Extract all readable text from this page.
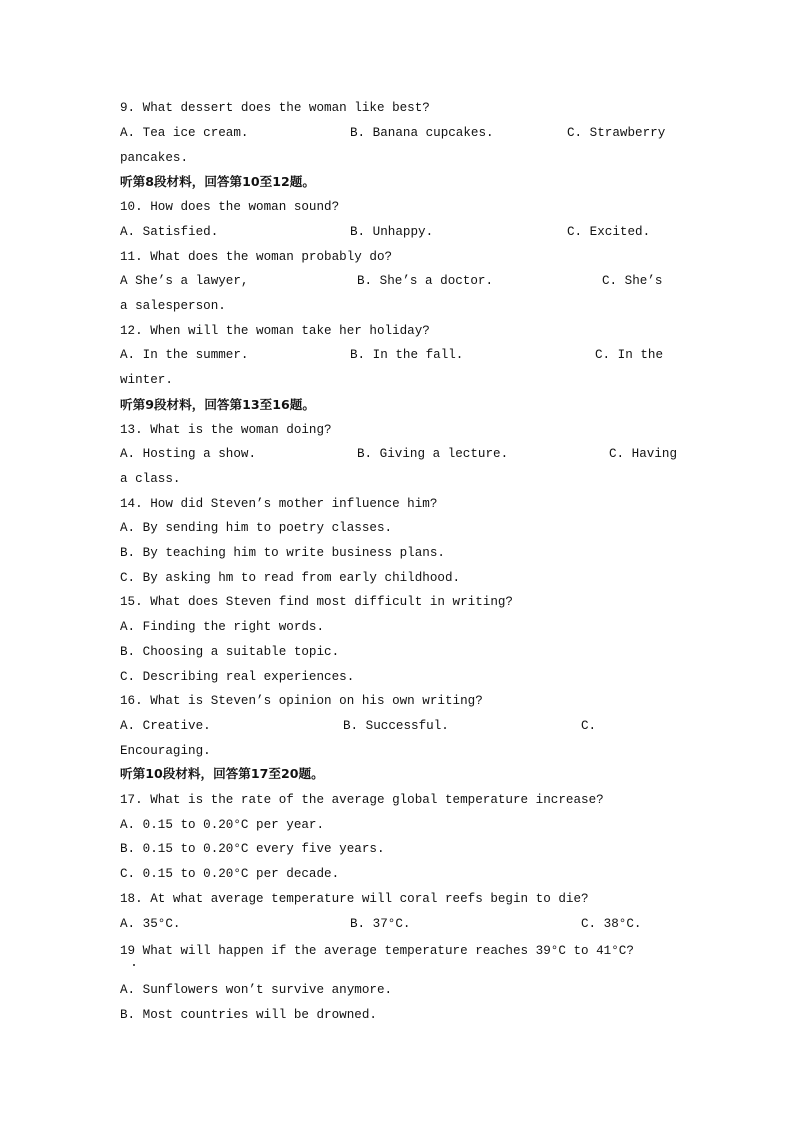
9. What dessert does the woman like best?
A. Tea ice cream.	B. Banana cupcakes.	C. Strawberry
pancakes.
听第8段材料，回答第10至12题。
10. How does the woman sound?
A. Satisfied.	B. Unhappy.	C. Excited.
11. What does the woman probably do?
A She’s a lawyer,	B. She’s a doctor.	C. She’s
a salesperson.
12. When will the woman take her holiday?
A. In the summer.	B. In the fall.	C. In the
winter.
听第9段材料，回答第13至16题。
13. What is the woman doing?
A. Hosting a show.	B. Giving a lecture.	C. Having
a class.
14. How did Steven’s mother influence him?
A. By sending him to poetry classes.
B. By teaching him to write business plans.
C. By asking hm to read from early childhood.
15. What does Steven find most difficult in writing?
A. Finding the right words.
B. Choosing a suitable topic.
C. Describing real experiences.
16. What is Steven’s opinion on his own writing?
A. Creative.	B. Successful.	C.
Encouraging.
听第10段材料，回答第17至20题。
17. What is the rate of the average global temperature increase?
A. 0.15 to 0.20°C per year.
B. 0.15 to 0.20°C every five years.
C. 0.15 to 0.20°C per decade.
18. At what average temperature will coral reefs begin to die?
A. 35°C.	B. 37°C.	C. 38°C.
19 What will happen if the average temperature reaches 39°C to 41°C?
A. Sunflowers won’t survive anymore.
B. Most countries will be drowned.
